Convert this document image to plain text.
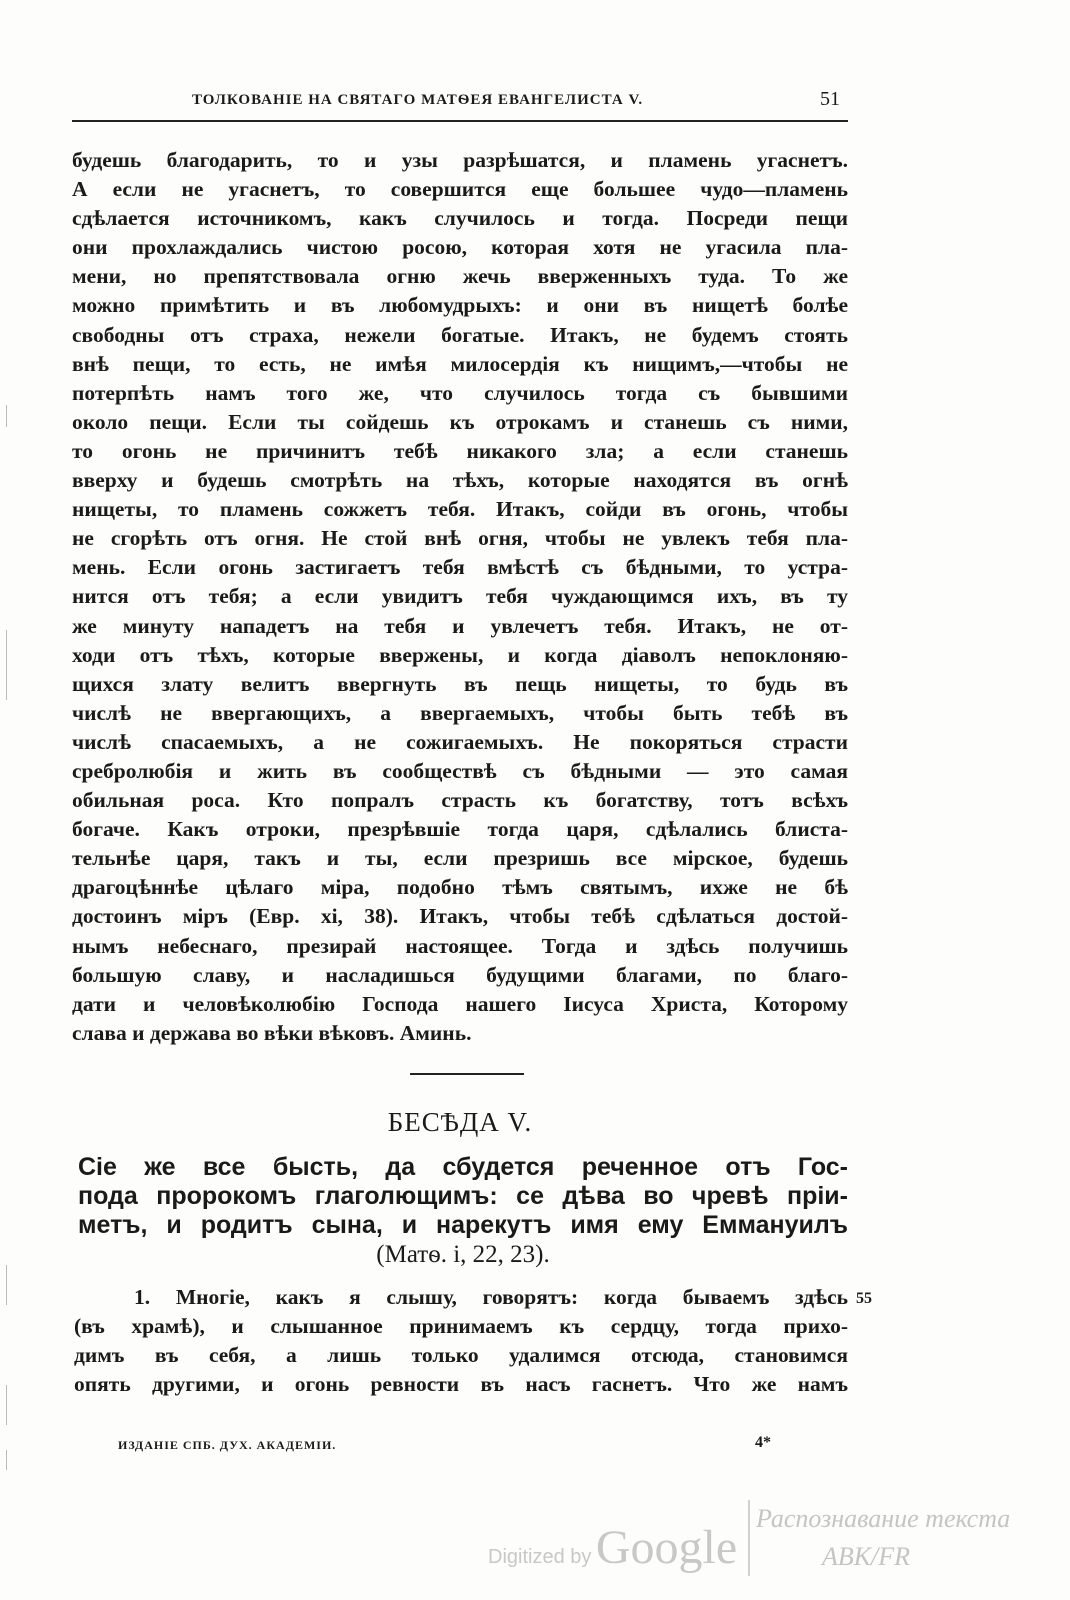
ТОЛКОВАНІЕ НА СВЯТАГО МАТѲЕЯ ЕВАНГЕЛИСТА V.	51
будешь благодарить, то и узы разрѣшатся, и пламень угаснетъ.
А если не угаснетъ, то совершится еще большее чудо—пламень
сдѣлается источникомъ, какъ случилось и тогда. Посреди пещи
они прохлаждались чистою росою, которая хотя не угасила пла-
мени, но препятствовала огню жечь вверженныхъ туда. То же
можно примѣтить и въ любомудрыхъ: и они въ нищетѣ болѣе
свободны отъ страха, нежели богатые. Итакъ, не будемъ стоять
внѣ пещи, то есть, не имѣя милосердія къ нищимъ,—чтобы не
потерпѣть намъ того же, что случилось тогда съ бывшими
около пещи. Если ты сойдешь къ отрокамъ и станешь съ ними,
то огонь не причинитъ тебѣ никакого зла; а если станешь
вверху и будешь смотрѣть на тѣхъ, которые находятся въ огнѣ
нищеты, то пламень сожжетъ тебя. Итакъ, сойди въ огонь, чтобы
не сгорѣть отъ огня. Не стой внѣ огня, чтобы не увлекъ тебя пла-
мень. Если огонь застигаетъ тебя вмѣстѣ съ бѣдными, то устра-
нится отъ тебя; а если увидитъ тебя чуждающимся ихъ, въ ту
же минуту нападетъ на тебя и увлечетъ тебя. Итакъ, не от-
ходи отъ тѣхъ, которые ввержены, и когда діаволъ непоклоняю-
щихся злату велитъ ввергнуть въ пещь нищеты, то будь въ
числѣ не ввергающихъ, а ввергаемыхъ, чтобы быть тебѣ въ
числѣ спасаемыхъ, а не сожигаемыхъ. Не покоряться страсти
сребролюбія и жить въ сообществѣ съ бѣдными — это самая
обильная роса. Кто попралъ страсть къ богатству, тотъ всѣхъ
богаче. Какъ отроки, презрѣвшіе тогда царя, сдѣлались блиста-
тельнѣе царя, такъ и ты, если презришь все мірское, будешь
драгоцѣннѣе цѣлаго міра, подобно тѣмъ святымъ, ихже не бѣ
достоинъ міръ (Евр. xi, 38). Итакъ, чтобы тебѣ сдѣлаться достой-
нымъ небеснаго, презирай настоящее. Тогда и здѣсь получишь
большую славу, и насладишься будущими благами, по благо-
дати и человѣколюбію Господа нашего Іисуса Христа, Которому
слава и держава во вѣки вѣковъ. Аминь.
БЕСѢДА V.
Сіе же все бысть, да сбудется реченное отъ Гос-
пода пророкомъ глаголющимъ: се дѣва во чревѣ пріи-
метъ, и родитъ сына, и нарекутъ имя ему Еммануилъ
(Матѳ. i, 22, 23).
1. Многіе, какъ я слышу, говорятъ: когда бываемъ здѣсь
(въ храмѣ), и слышанное принимаемъ къ сердцу, тогда прихо-
димъ въ себя, а лишь только удалимся отсюда, становимся
опять другими, и огонь ревности въ насъ гаснетъ. Что же намъ
55
ИЗДАНІЕ СПБ. ДУХ. АКАДЕМІИ.	4*
Digitized by Google
Распознавание текста
АВК/FR
